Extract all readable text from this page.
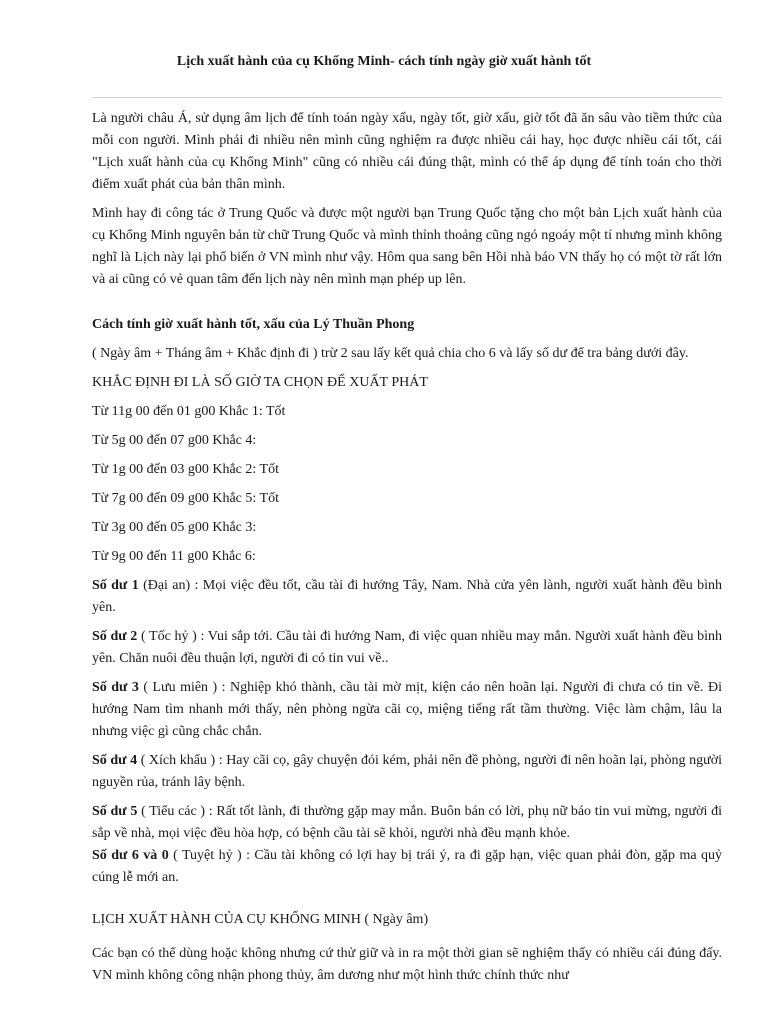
Lịch xuất hành của cụ Khổng Minh- cách tính ngày giờ xuất hành tốt

Là người châu Á, sử dụng âm lịch để tính toán ngày xấu, ngày tốt, giờ xấu, giờ tốt đã ăn sâu vào tiềm thức của mỗi con người. Mình phải đi nhiều nên mình cũng nghiệm ra được nhiều cái hay, học được nhiều cái tốt, cái "Lịch xuất hành của cụ Khổng Minh" cũng có nhiều cái đúng thật, mình có thể áp dụng để tính toán cho thời điểm xuất phát của bản thân mình.

Mình hay đi công tác ở Trung Quốc và được một người bạn Trung Quốc tặng cho một bản Lịch xuất hành của cụ Khổng Minh nguyên bản từ chữ Trung Quốc và mình thỉnh thoảng cũng ngó ngoáy một tí nhưng mình không nghĩ là Lịch này lại phổ biến ở VN mình như vậy. Hôm qua sang bên Hồi nhà báo VN thấy họ có một tờ rất lớn và ai cũng có vẻ quan tâm đến lịch này nên mình mạn phép up lên.

Cách tính giờ xuất hành tốt, xấu của Lý Thuần Phong

( Ngày âm + Tháng âm + Khắc định đi ) trừ 2 sau lấy kết quả chia cho 6 và lấy số dư để tra bảng dưới đây.

KHẮC ĐỊNH ĐI LÀ SỐ GIỜ TA CHỌN ĐỂ XUẤT PHÁT

Từ 11g 00 đến 01 g00 Khắc 1: Tốt

Từ 5g 00 đến 07 g00 Khắc 4:

Từ 1g 00 đến 03 g00 Khắc 2: Tốt

Từ 7g 00 đến 09 g00 Khắc 5: Tốt

Từ 3g 00 đến 05 g00 Khắc 3:

Từ 9g 00 đến 11 g00 Khắc 6:

Số dư 1 (Đại an) : Mọi việc đều tốt, cầu tài đi hướng Tây, Nam. Nhà cửa yên lành, người xuất hành đều bình yên.

Số dư 2 ( Tốc hỷ ) : Vui sắp tới. Cầu tài đi hướng Nam, đi việc quan nhiều may mắn. Người xuất hành đều bình yên. Chăn nuôi đều thuận lợi, người đi có tin vui về..

Số dư 3 ( Lưu miên ) : Nghiệp khó thành, cầu tài mờ mịt, kiện cáo nên hoãn lại. Người đi chưa có tin về. Đi hướng Nam tìm nhanh mới thấy, nên phòng ngừa cãi cọ, miệng tiếng rất tầm thường. Việc làm chậm, lâu la nhưng việc gì cũng chắc chắn.

Số dư 4 ( Xích khẩu ) : Hay cãi cọ, gây chuyện đói kém, phải nên đề phòng, người đi nên hoãn lại, phòng người nguyền rủa, tránh lây bệnh.

Số dư 5 ( Tiểu các ) : Rất tốt lành, đi thường gặp may mắn. Buôn bán có lời, phụ nữ báo tin vui mừng, người đi sắp về nhà, mọi việc đều hòa hợp, có bệnh cầu tài sẽ khỏi, người nhà đều mạnh khỏe.

Số dư 6 và 0 ( Tuyệt hỷ ) : Cầu tài không có lợi hay bị trái ý, ra đi gặp hạn, việc quan phải đòn, gặp ma quỷ cúng lễ mới an.

LỊCH XUẤT HÀNH CỦA CỤ KHỔNG MINH ( Ngày âm)

Các bạn có thể dùng hoặc không nhưng cứ thử giữ và in ra một thời gian sẽ nghiệm thấy có nhiều cái đúng đấy. VN mình không công nhận phong thủy, âm dương như một hình thức chính thức như
